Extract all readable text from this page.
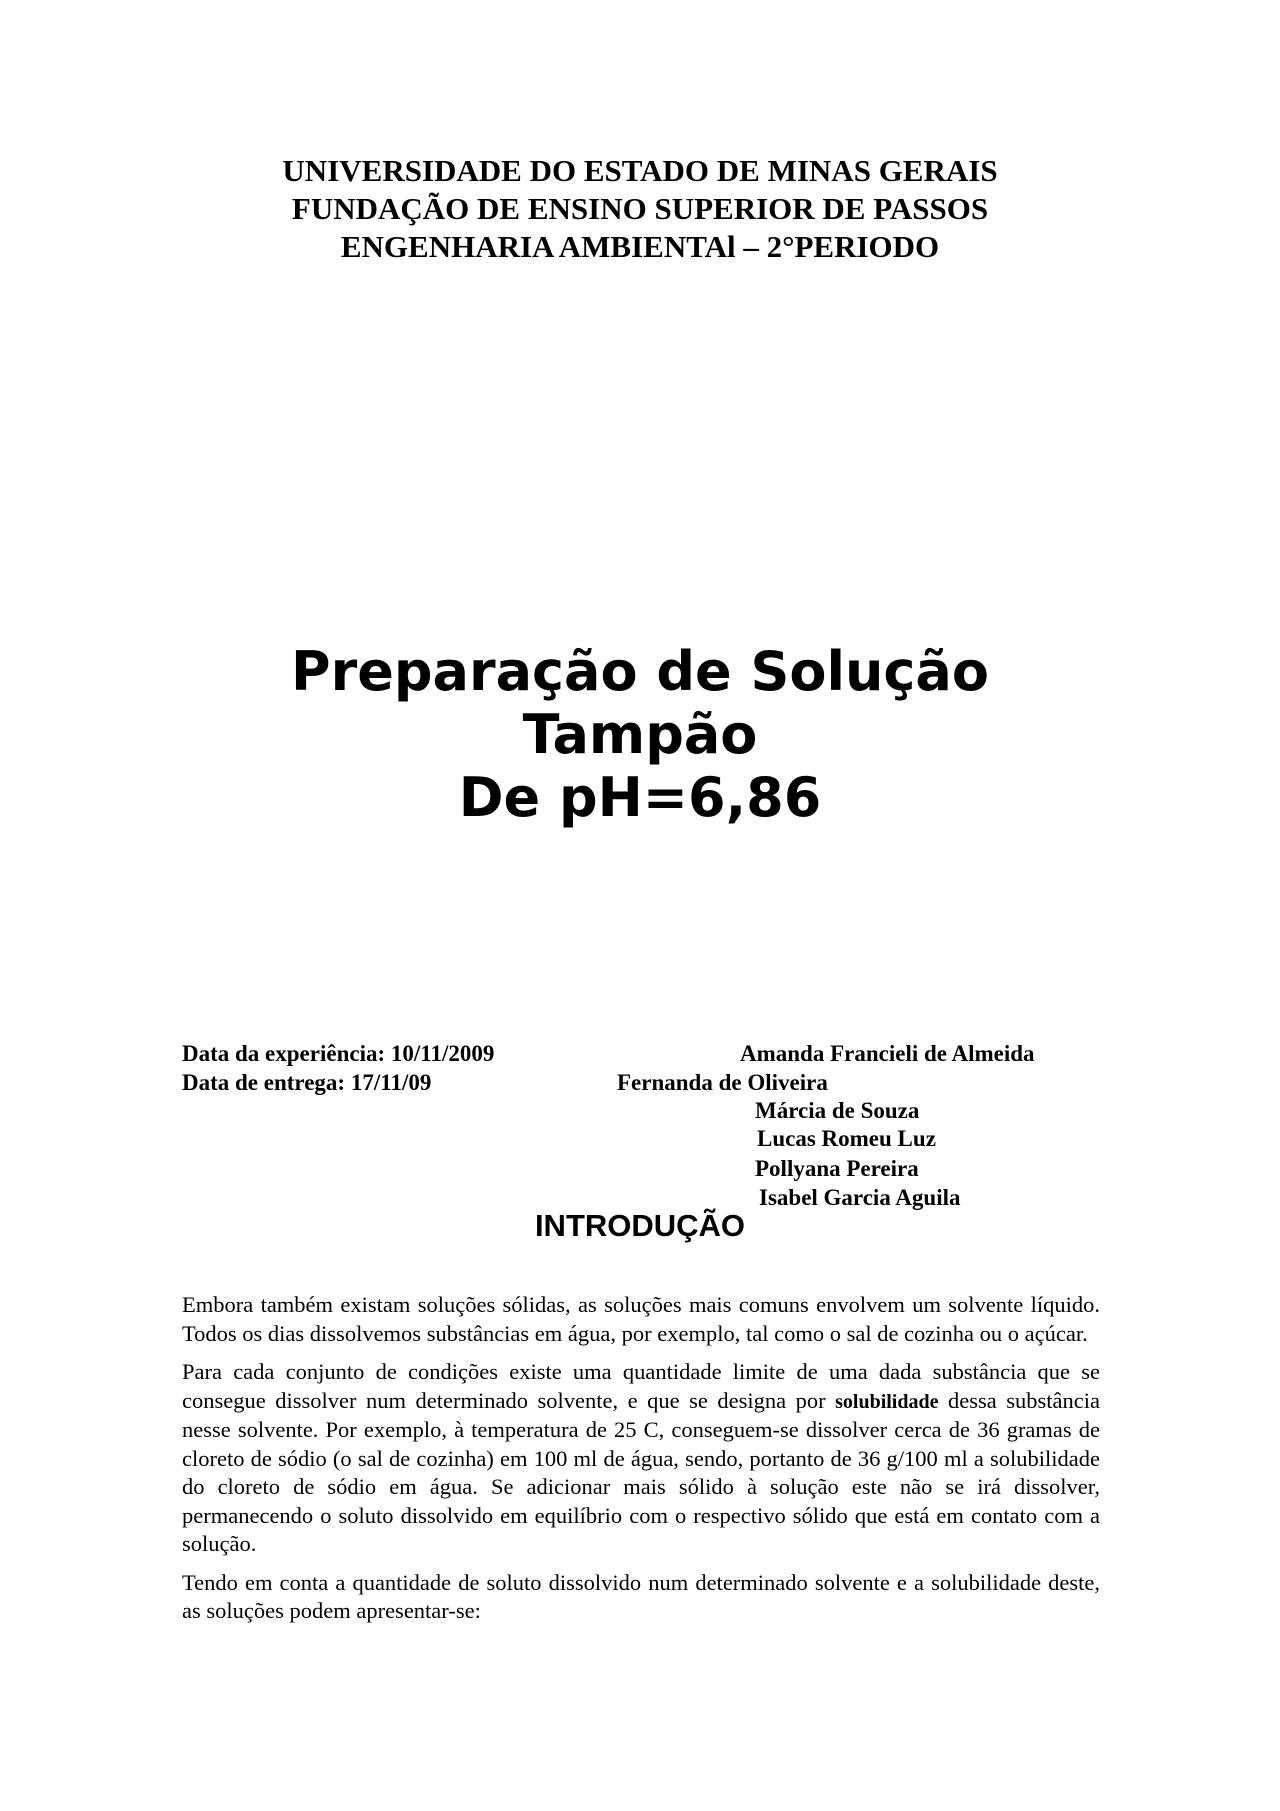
UNIVERSIDADE DO ESTADO DE MINAS GERAIS
FUNDAÇÃO DE ENSINO SUPERIOR DE PASSOS
ENGENHARIA AMBIENTAl – 2°PERIODO
Preparação de Solução
Tampão
De pH=6,86
Data da experiência: 10/11/2009
Data de entrega: 17/11/09
Amanda Francieli de Almeida
Fernanda de Oliveira
Márcia de Souza
Lucas Romeu Luz
Pollyana Pereira
Isabel Garcia Aguila
INTRODUÇÃO

Embora também existam soluções sólidas, as soluções mais comuns envolvem um solvente líquido. Todos os dias dissolvemos substâncias em água, por exemplo, tal como o sal de cozinha ou o açúcar.

Para cada conjunto de condições existe uma quantidade limite de uma dada substância que se consegue dissolver num determinado solvente, e que se designa por solubilidade dessa substância nesse solvente. Por exemplo, à temperatura de 25 C, conseguem-se dissolver cerca de 36 gramas de cloreto de sódio (o sal de cozinha) em 100 ml de água, sendo, portanto de 36 g/100 ml a solubilidade do cloreto de sódio em água. Se adicionar mais sólido à solução este não se irá dissolver, permanecendo o soluto dissolvido em equilíbrio com o respectivo sólido que está em contato com a solução.

Tendo em conta a quantidade de soluto dissolvido num determinado solvente e a solubilidade deste, as soluções podem apresentar-se:
